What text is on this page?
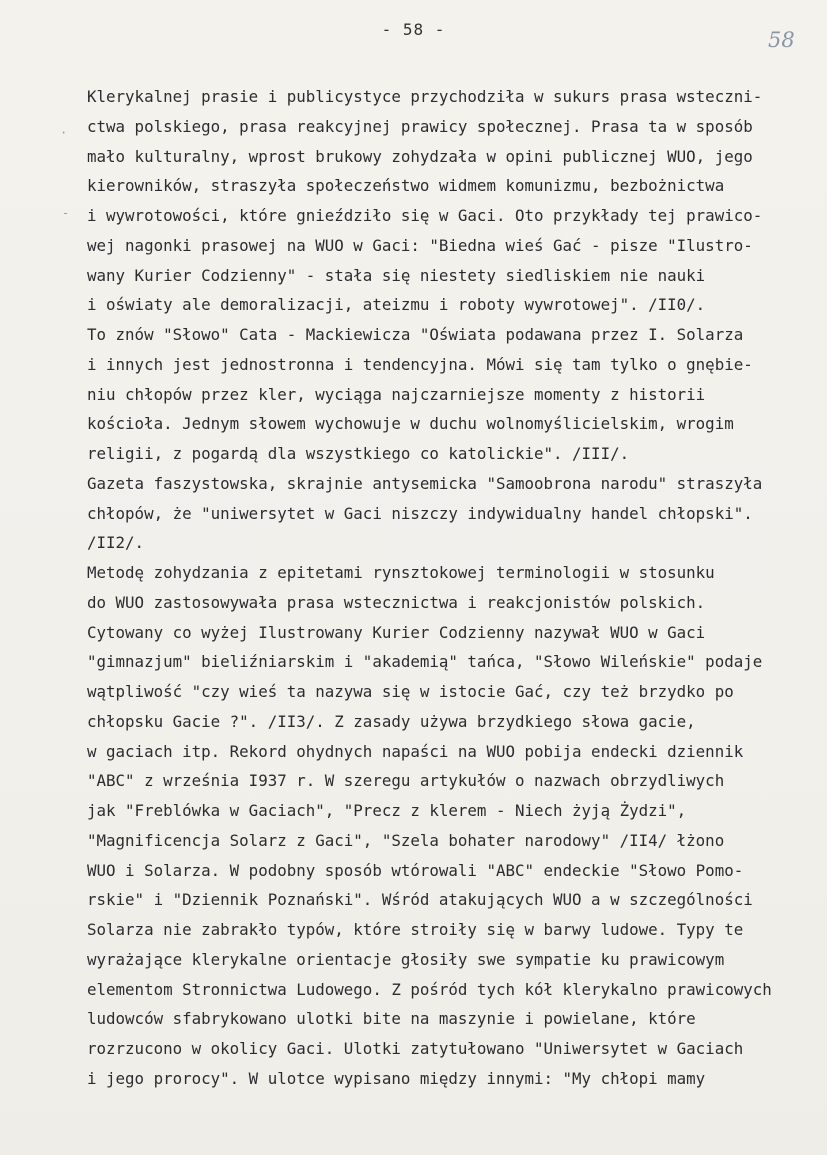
- 58 -	58
·
-
Klerykalnej prasie i publicystyce przychodziła w sukurs prasa wsteczni-
ctwa polskiego, prasa reakcyjnej prawicy społecznej. Prasa ta w sposób
mało kulturalny, wprost brukowy zohydzała w opini publicznej WUO, jego
kierowników, straszyła społeczeństwo widmem komunizmu, bezbożnictwa
i wywrotowości, które gnieździło się w Gaci. Oto przykłady tej prawico-
wej nagonki prasowej na WUO w Gaci: "Biedna wieś Gać - pisze "Ilustro-
wany Kurier Codzienny" - stała się niestety siedliskiem nie nauki
i oświaty ale demoralizacji, ateizmu i roboty wywrotowej". /II0/.
To znów "Słowo" Cata - Mackiewicza "Oświata podawana przez I. Solarza
i innych jest jednostronna i tendencyjna. Mówi się tam tylko o gnębie-
niu chłopów przez kler, wyciąga najczarniejsze momenty z historii
kościoła. Jednym słowem wychowuje w duchu wolnomyślicielskim, wrogim
religii, z pogardą dla wszystkiego co katolickie". /III/.
Gazeta faszystowska, skrajnie antysemicka "Samoobrona narodu" straszyła
chłopów, że "uniwersytet w Gaci niszczy indywidualny handel chłopski".
/II2/.
Metodę zohydzania z epitetami rynsztokowej terminologii w stosunku
do WUO zastosowywała prasa wstecznictwa i reakcjonistów polskich.
Cytowany co wyżej Ilustrowany Kurier Codzienny nazywał WUO w Gaci
"gimnazjum" bieliźniarskim i "akademią" tańca, "Słowo Wileńskie" podaje
wątpliwość "czy wieś ta nazywa się w istocie Gać, czy też brzydko po
chłopsku Gacie ?". /II3/. Z zasady używa brzydkiego słowa gacie,
w gaciach itp. Rekord ohydnych napaści na WUO pobija endecki dziennik
"ABC" z września I937 r. W szeregu artykułów o nazwach obrzydliwych
jak "Freblówka w Gaciach", "Precz z klerem - Niech żyją Żydzi",
"Magnificencja Solarz z Gaci", "Szela bohater narodowy" /II4/ łżono
WUO i Solarza. W podobny sposób wtórowali "ABC" endeckie "Słowo Pomo-
rskie" i "Dziennik Poznański". Wśród atakujących WUO a w szczególności
Solarza nie zabrakło typów, które stroiły się w barwy ludowe. Typy te
wyrażające klerykalne orientacje głosiły swe sympatie ku prawicowym
elementom Stronnictwa Ludowego. Z pośród tych kół klerykalno prawicowych
ludowców sfabrykowano ulotki bite na maszynie i powielane, które
rozrzucono w okolicy Gaci. Ulotki zatytułowano "Uniwersytet w Gaciach
i jego prorocy". W ulotce wypisano między innymi: "My chłopi mamy
